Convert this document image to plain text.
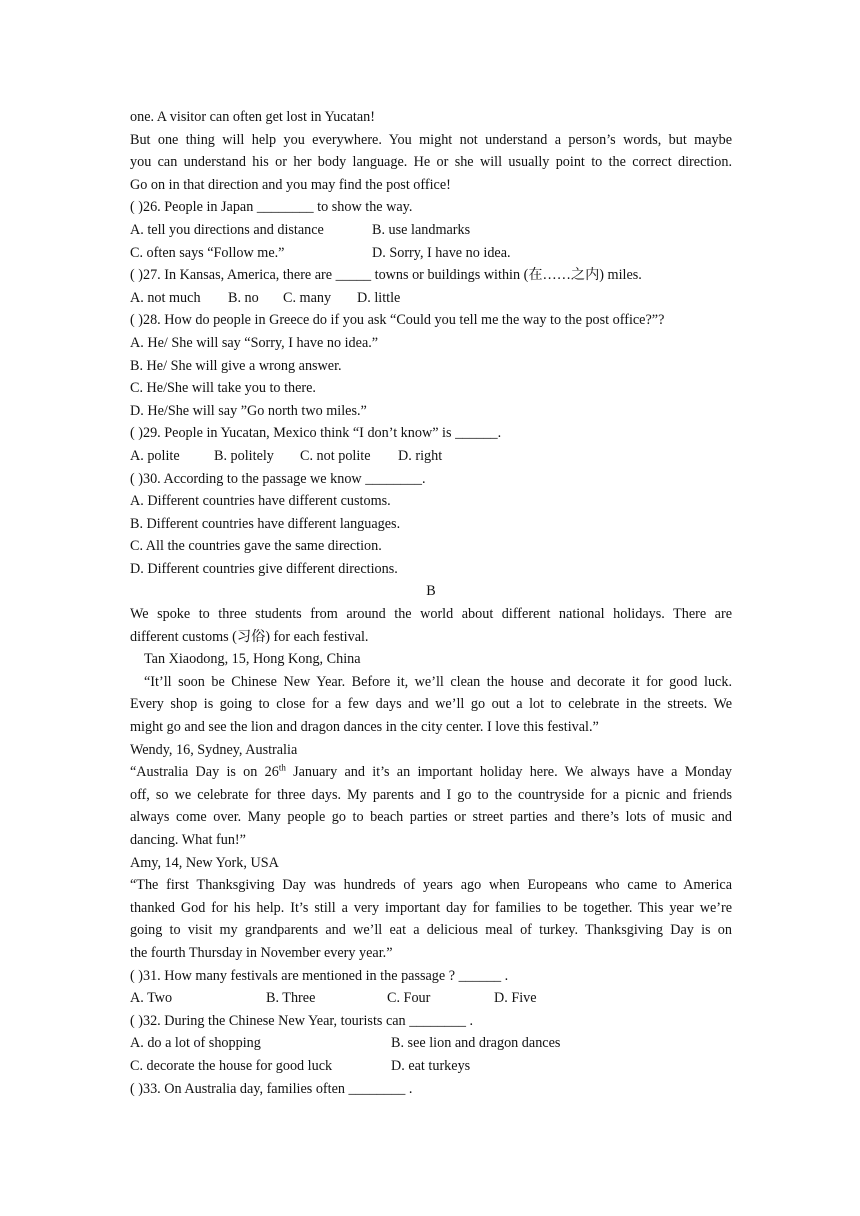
one. A visitor can often get lost in Yucatan!
But one thing will help you everywhere. You might not understand a person’s words, but maybe
you can understand his or her body language. He or she will usually point to the correct direction.
Go on in that direction and you may find the post office!
( )26. People in Japan ________ to show the way.
A. tell you directions and distance	B. use landmarks
C. often says “Follow me.”	D. Sorry, I have no idea.
( )27. In Kansas, America, there are _____ towns or buildings within (在……之内) miles.
A. not much B. no C. many D. little
( )28. How do people in Greece do if you ask “Could you tell me the way to the post office?”?
A. He/ She will say “Sorry, I have no idea.”
B. He/ She will give a wrong answer.
C. He/She will take you to there.
D. He/She will say ”Go north two miles.”
( )29. People in Yucatan, Mexico think “I don’t know” is ______.
A. polite B. politely C. not polite D. right
( )30. According to the passage we know ________.
A. Different countries have different customs.
B. Different countries have different languages.
C. All the countries gave the same direction.
D. Different countries give different directions.
B
We spoke to three students from around the world about different national holidays. There are
different customs (习俗) for each festival.
Tan Xiaodong, 15, Hong Kong, China
“It’ll soon be Chinese New Year. Before it, we’ll clean the house and decorate it for good luck.
Every shop is going to close for a few days and we’ll go out a lot to celebrate in the streets. We
might go and see the lion and dragon dances in the city center. I love this festival.”
Wendy, 16, Sydney, Australia
“Australia Day is on 26th January and it’s an important holiday here. We always have a Monday
off, so we celebrate for three days. My parents and I go to the countryside for a picnic and friends
always come over. Many people go to beach parties or street parties and there’s lots of music and
dancing. What fun!”
Amy, 14, New York, USA
“The first Thanksgiving Day was hundreds of years ago when Europeans who came to America
thanked God for his help. It’s still a very important day for families to be together. This year we’re
going to visit my grandparents and we’ll eat a delicious meal of turkey. Thanksgiving Day is on
the fourth Thursday in November every year.”
( )31. How many festivals are mentioned in the passage ? ______ .
A. Two	B. Three	C. Four	D. Five
( )32. During the Chinese New Year, tourists can ________ .
A. do a lot of shopping	B. see lion and dragon dances
C. decorate the house for good luck	D. eat turkeys
( )33. On Australia day, families often ________ .
